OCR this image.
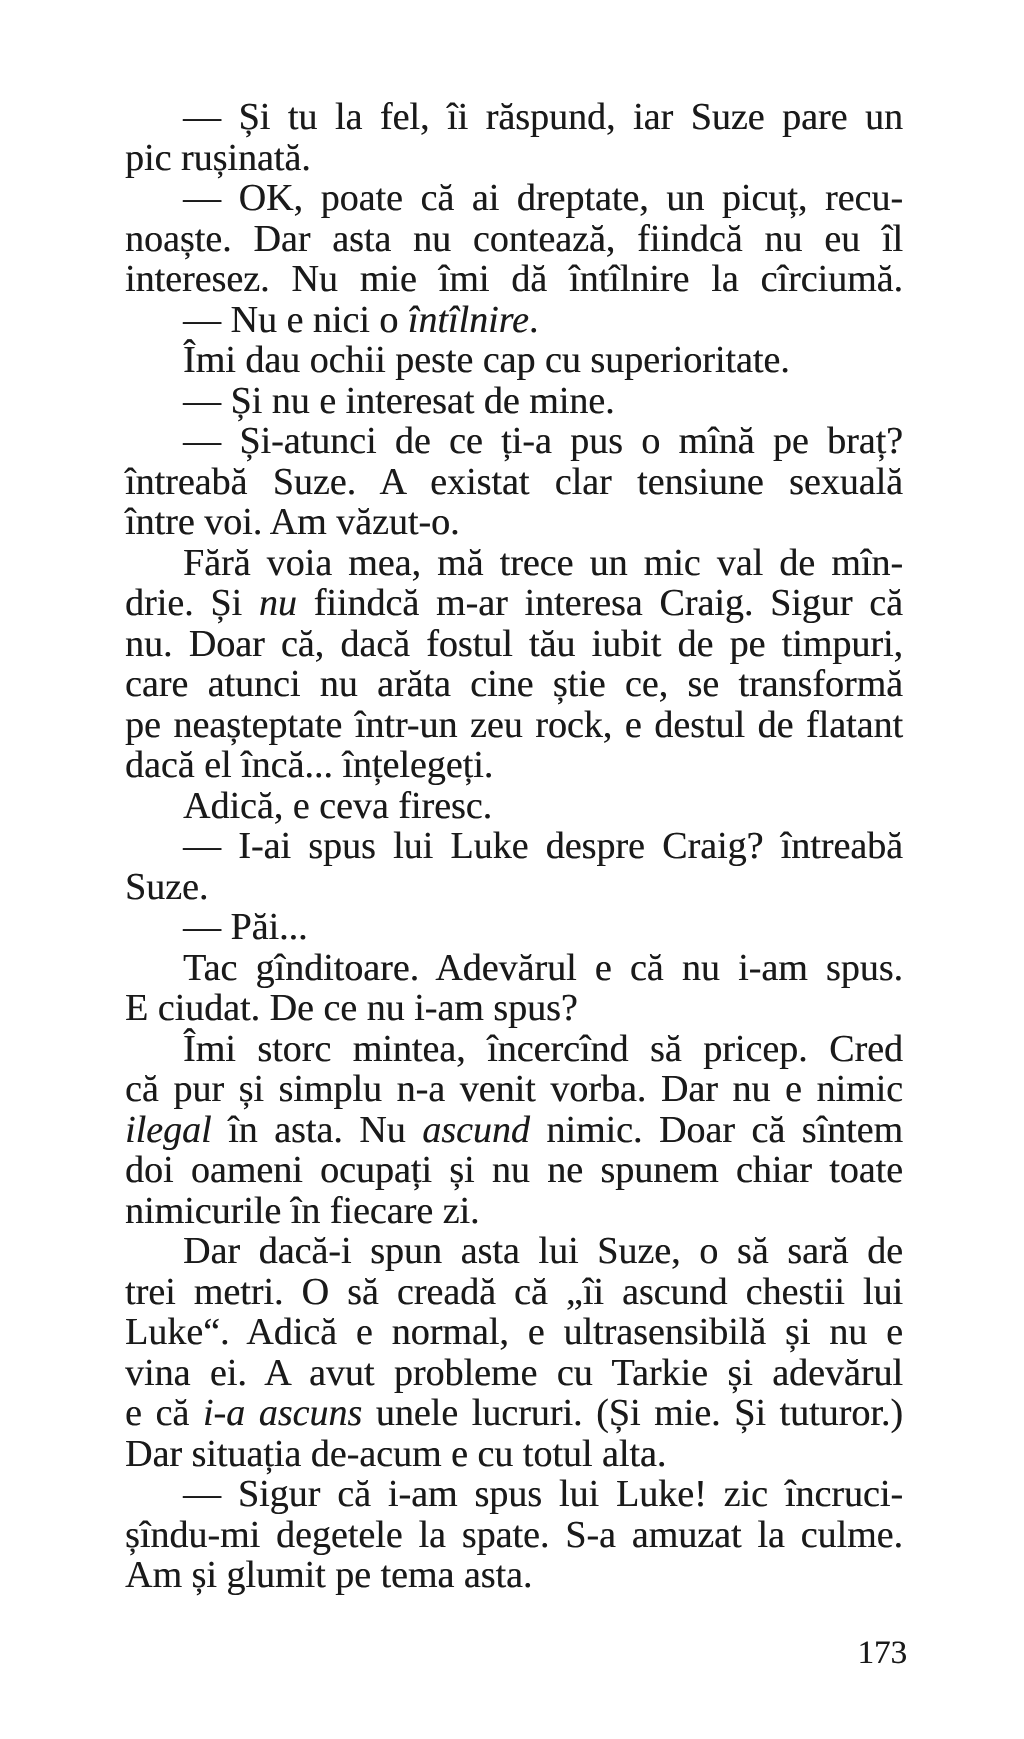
— Și tu la fel, îi răspund, iar Suze pare un
pic rușinată.
— OK, poate că ai dreptate, un picuț, recu-
noaște. Dar asta nu contează, fiindcă nu eu îl
interesez. Nu mie îmi dă întîlnire la cîrciumă.
— Nu e nici o întîlnire.
Îmi dau ochii peste cap cu superioritate.
— Și nu e interesat de mine.
— Și-atunci de ce ți-a pus o mînă pe braț?
întreabă Suze. A existat clar tensiune sexuală
între voi. Am văzut-o.
Fără voia mea, mă trece un mic val de mîn-
drie. Și nu fiindcă m-ar interesa Craig. Sigur că
nu. Doar că, dacă fostul tău iubit de pe timpuri,
care atunci nu arăta cine știe ce, se transformă
pe neașteptate într-un zeu rock, e destul de flatant
dacă el încă... înțelegeți.
Adică, e ceva firesc.
— I-ai spus lui Luke despre Craig? întreabă
Suze.
— Păi...
Tac gînditoare. Adevărul e că nu i-am spus.
E ciudat. De ce nu i-am spus?
Îmi storc mintea, încercînd să pricep. Cred
că pur și simplu n-a venit vorba. Dar nu e nimic
ilegal în asta. Nu ascund nimic. Doar că sîntem
doi oameni ocupați și nu ne spunem chiar toate
nimicurile în fiecare zi.
Dar dacă-i spun asta lui Suze, o să sară de
trei metri. O să creadă că „îi ascund chestii lui
Luke“. Adică e normal, e ultrasensibilă și nu e
vina ei. A avut probleme cu Tarkie și adevărul
e că i-a ascuns unele lucruri. (Și mie. Și tuturor.)
Dar situația de-acum e cu totul alta.
— Sigur că i-am spus lui Luke! zic încruci-
șîndu-mi degetele la spate. S-a amuzat la culme.
Am și glumit pe tema asta.
173
